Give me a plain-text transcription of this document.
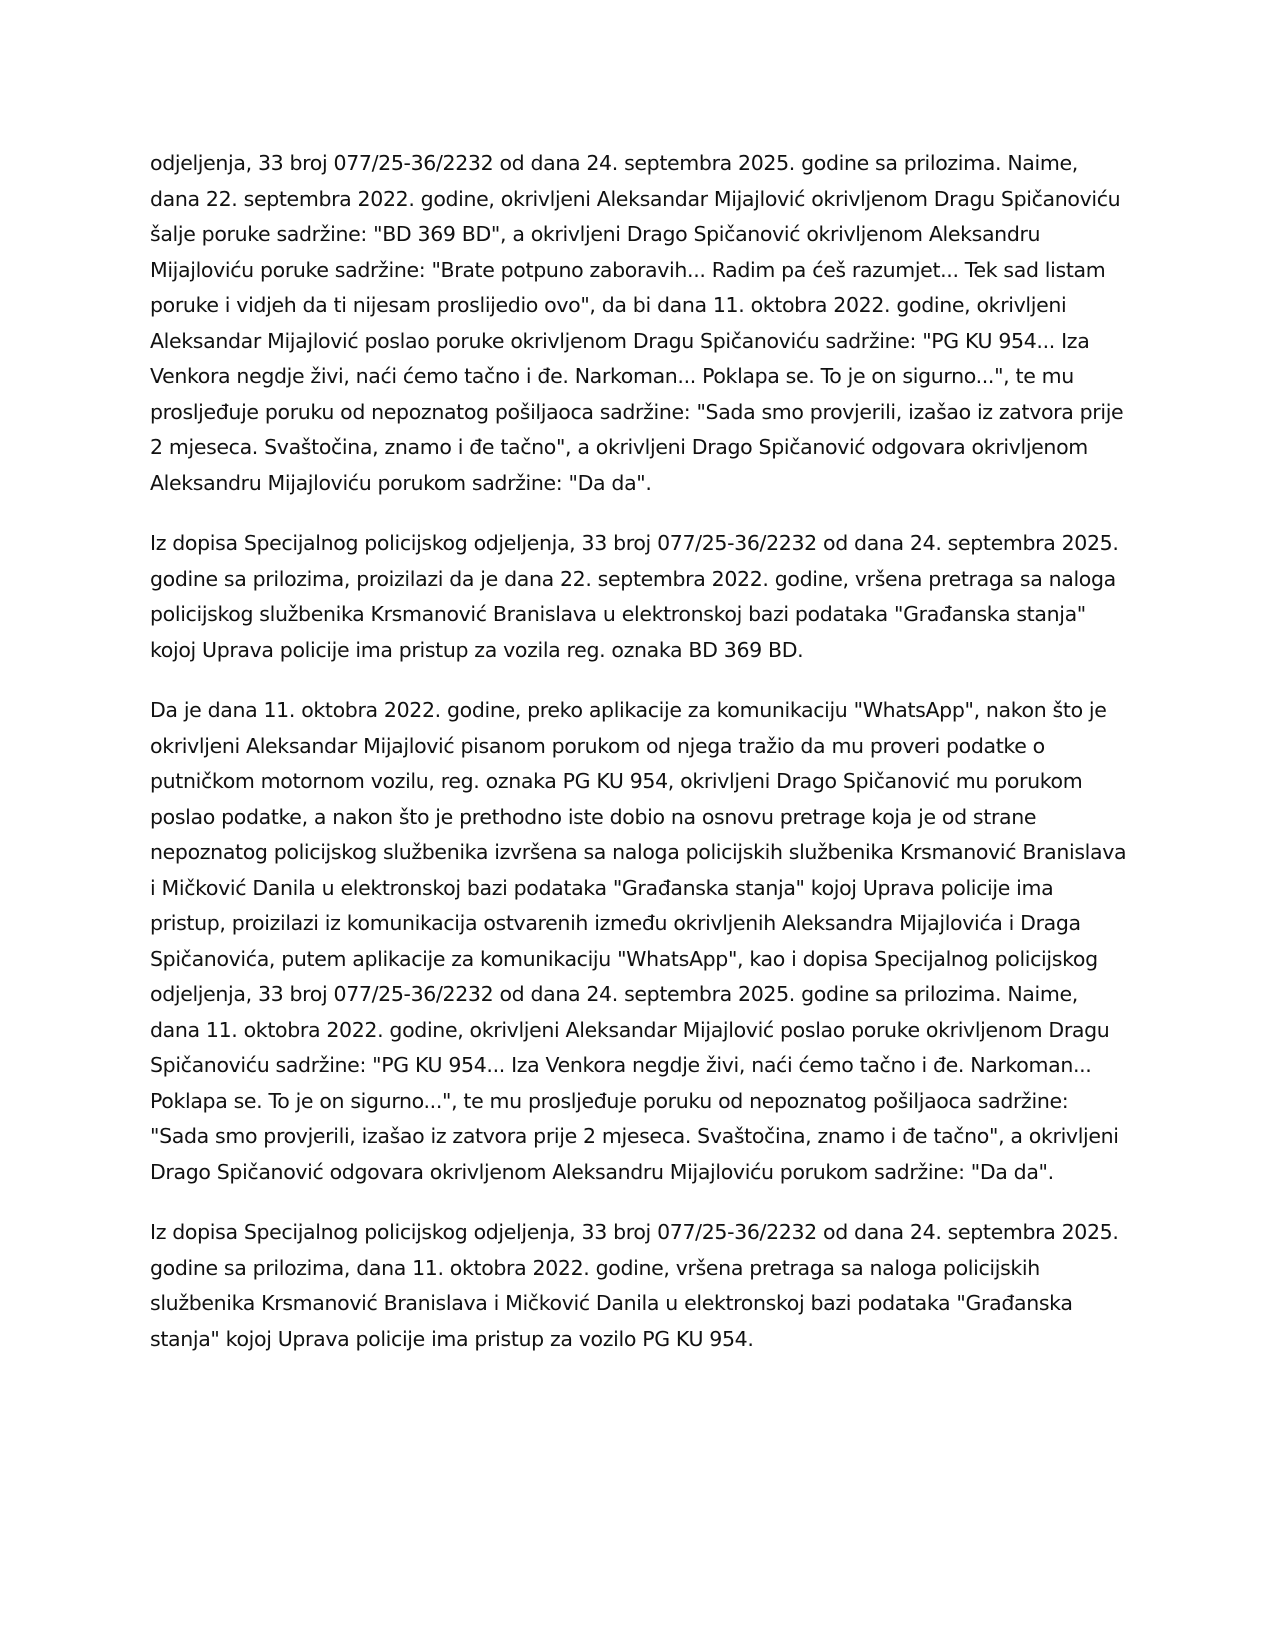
odjeljenja, 33 broj 077/25-36/2232 od dana 24. septembra 2025. godine sa prilozima. Naime, dana 22. septembra 2022. godine, okrivljeni Aleksandar Mijajlović okrivljenom Dragu Spičanoviću šalje poruke sadržine: "BD 369 BD", a okrivljeni Drago Spičanović okrivljenom Aleksandru Mijajloviću poruke sadržine: "Brate potpuno zaboravih... Radim pa ćeš razumjet... Tek sad listam poruke i vidjeh da ti nijesam proslijedio ovo", da bi dana 11. oktobra 2022. godine, okrivljeni Aleksandar Mijajlović poslao poruke okrivljenom Dragu Spičanoviću sadržine: "PG KU 954... Iza Venkora negdje živi, naći ćemo tačno i đe. Narkoman... Poklapa se. To je on sigurno...", te mu prosljeđuje poruku od nepoznatog pošiljaoca sadržine: "Sada smo provjerili, izašao iz zatvora prije 2 mjeseca. Svaštočina, znamo i đe tačno", a okrivljeni Drago Spičanović odgovara okrivljenom Aleksandru Mijajloviću porukom sadržine: "Da da".

Iz dopisa Specijalnog policijskog odjeljenja, 33 broj 077/25-36/2232 od dana 24. septembra 2025. godine sa prilozima, proizilazi da je dana 22. septembra 2022. godine, vršena pretraga sa naloga policijskog službenika Krsmanović Branislava u elektronskoj bazi podataka "Građanska stanja" kojoj Uprava policije ima pristup za vozila reg. oznaka BD 369 BD.

Da je dana 11. oktobra 2022. godine, preko aplikacije za komunikaciju "WhatsApp", nakon što je okrivljeni Aleksandar Mijajlović pisanom porukom od njega tražio da mu proveri podatke o putničkom motornom vozilu, reg. oznaka PG KU 954, okrivljeni Drago Spičanović mu porukom poslao podatke, a nakon što je prethodno iste dobio na osnovu pretrage koja je od strane nepoznatog policijskog službenika izvršena sa naloga policijskih službenika Krsmanović Branislava i Mičković Danila u elektronskoj bazi podataka "Građanska stanja" kojoj Uprava policije ima pristup, proizilazi iz komunikacija ostvarenih između okrivljenih Aleksandra Mijajlovića i Draga Spičanovića, putem aplikacije za komunikaciju "WhatsApp", kao i dopisa Specijalnog policijskog odjeljenja, 33 broj 077/25-36/2232 od dana 24. septembra 2025. godine sa prilozima. Naime, dana 11. oktobra 2022. godine, okrivljeni Aleksandar Mijajlović poslao poruke okrivljenom Dragu Spičanoviću sadržine: "PG KU 954... Iza Venkora negdje živi, naći ćemo tačno i đe. Narkoman... Poklapa se. To je on sigurno...", te mu prosljeđuje poruku od nepoznatog pošiljaoca sadržine: "Sada smo provjerili, izašao iz zatvora prije 2 mjeseca. Svaštočina, znamo i đe tačno", a okrivljeni Drago Spičanović odgovara okrivljenom Aleksandru Mijajloviću porukom sadržine: "Da da".

Iz dopisa Specijalnog policijskog odjeljenja, 33 broj 077/25-36/2232 od dana 24. septembra 2025. godine sa prilozima, dana 11. oktobra 2022. godine, vršena pretraga sa naloga policijskih službenika Krsmanović Branislava i Mičković Danila u elektronskoj bazi podataka "Građanska stanja" kojoj Uprava policije ima pristup za vozilo PG KU 954.
